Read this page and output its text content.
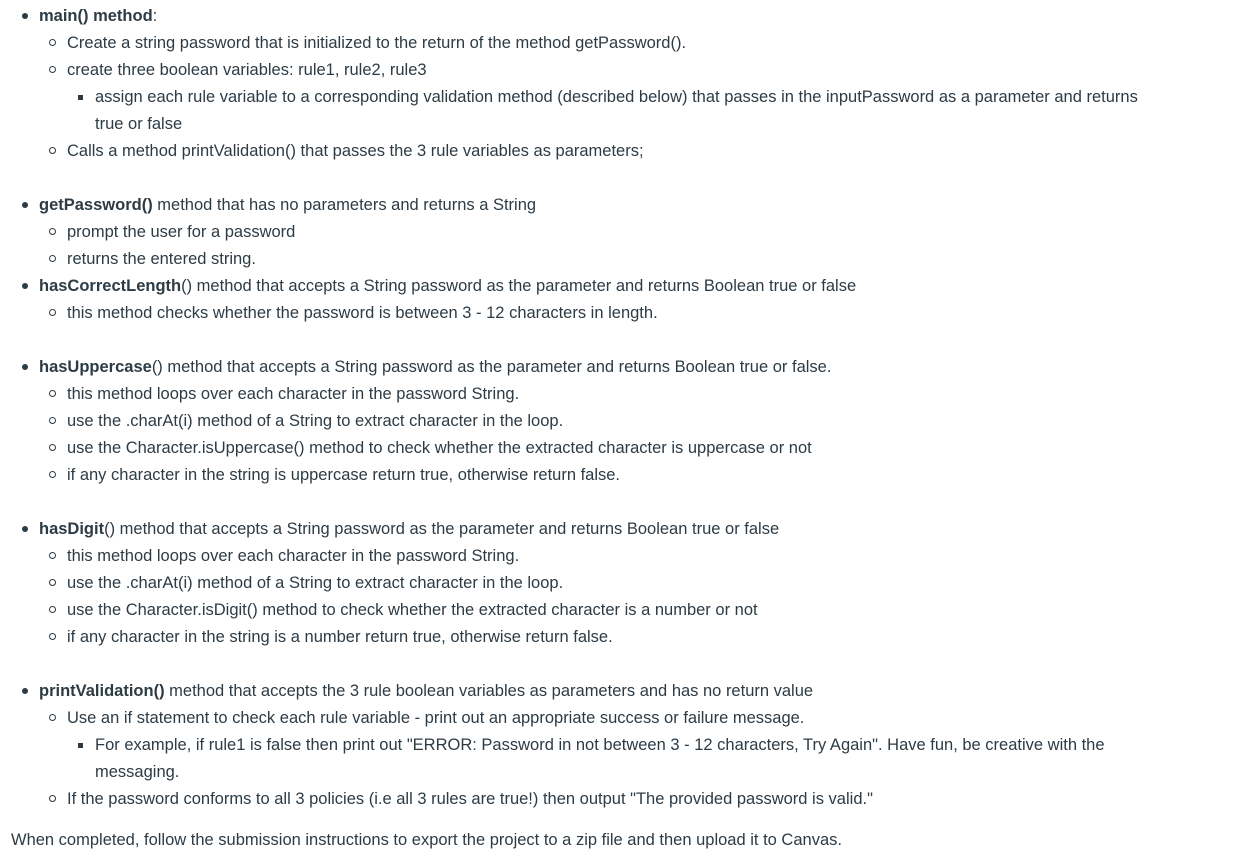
main() method:
Create a string password that is initialized to the return of the method getPassword().
create three boolean variables: rule1, rule2, rule3
assign each rule variable to a corresponding validation method (described below) that passes in the inputPassword as a parameter and returns
true or false
Calls a method printValidation() that passes the 3 rule variables as parameters;
getPassword() method that has no parameters and returns a String
prompt the user for a password
returns the entered string.
hasCorrectLength() method that accepts a String password as the parameter and returns Boolean true or false
this method checks whether the password is between 3 - 12 characters in length.
hasUppercase() method that accepts a String password as the parameter and returns Boolean true or false.
this method loops over each character in the password String.
use the .charAt(i) method of a String to extract character in the loop.
use the Character.isUppercase() method to check whether the extracted character is uppercase or not
if any character in the string is uppercase return true, otherwise return false.
hasDigit() method that accepts a String password as the parameter and returns Boolean true or false
this method loops over each character in the password String.
use the .charAt(i) method of a String to extract character in the loop.
use the Character.isDigit() method to check whether the extracted character is a number or not
if any character in the string is a number return true, otherwise return false.
printValidation() method that accepts the 3 rule boolean variables as parameters and has no return value
Use an if statement to check each rule variable - print out an appropriate success or failure message.
For example, if rule1 is false then print out "ERROR: Password in not between 3 - 12 characters, Try Again". Have fun, be creative with the
messaging.
If the password conforms to all 3 policies (i.e all 3 rules are true!) then output "The provided password is valid."
When completed, follow the submission instructions to export the project to a zip file and then upload it to Canvas.
